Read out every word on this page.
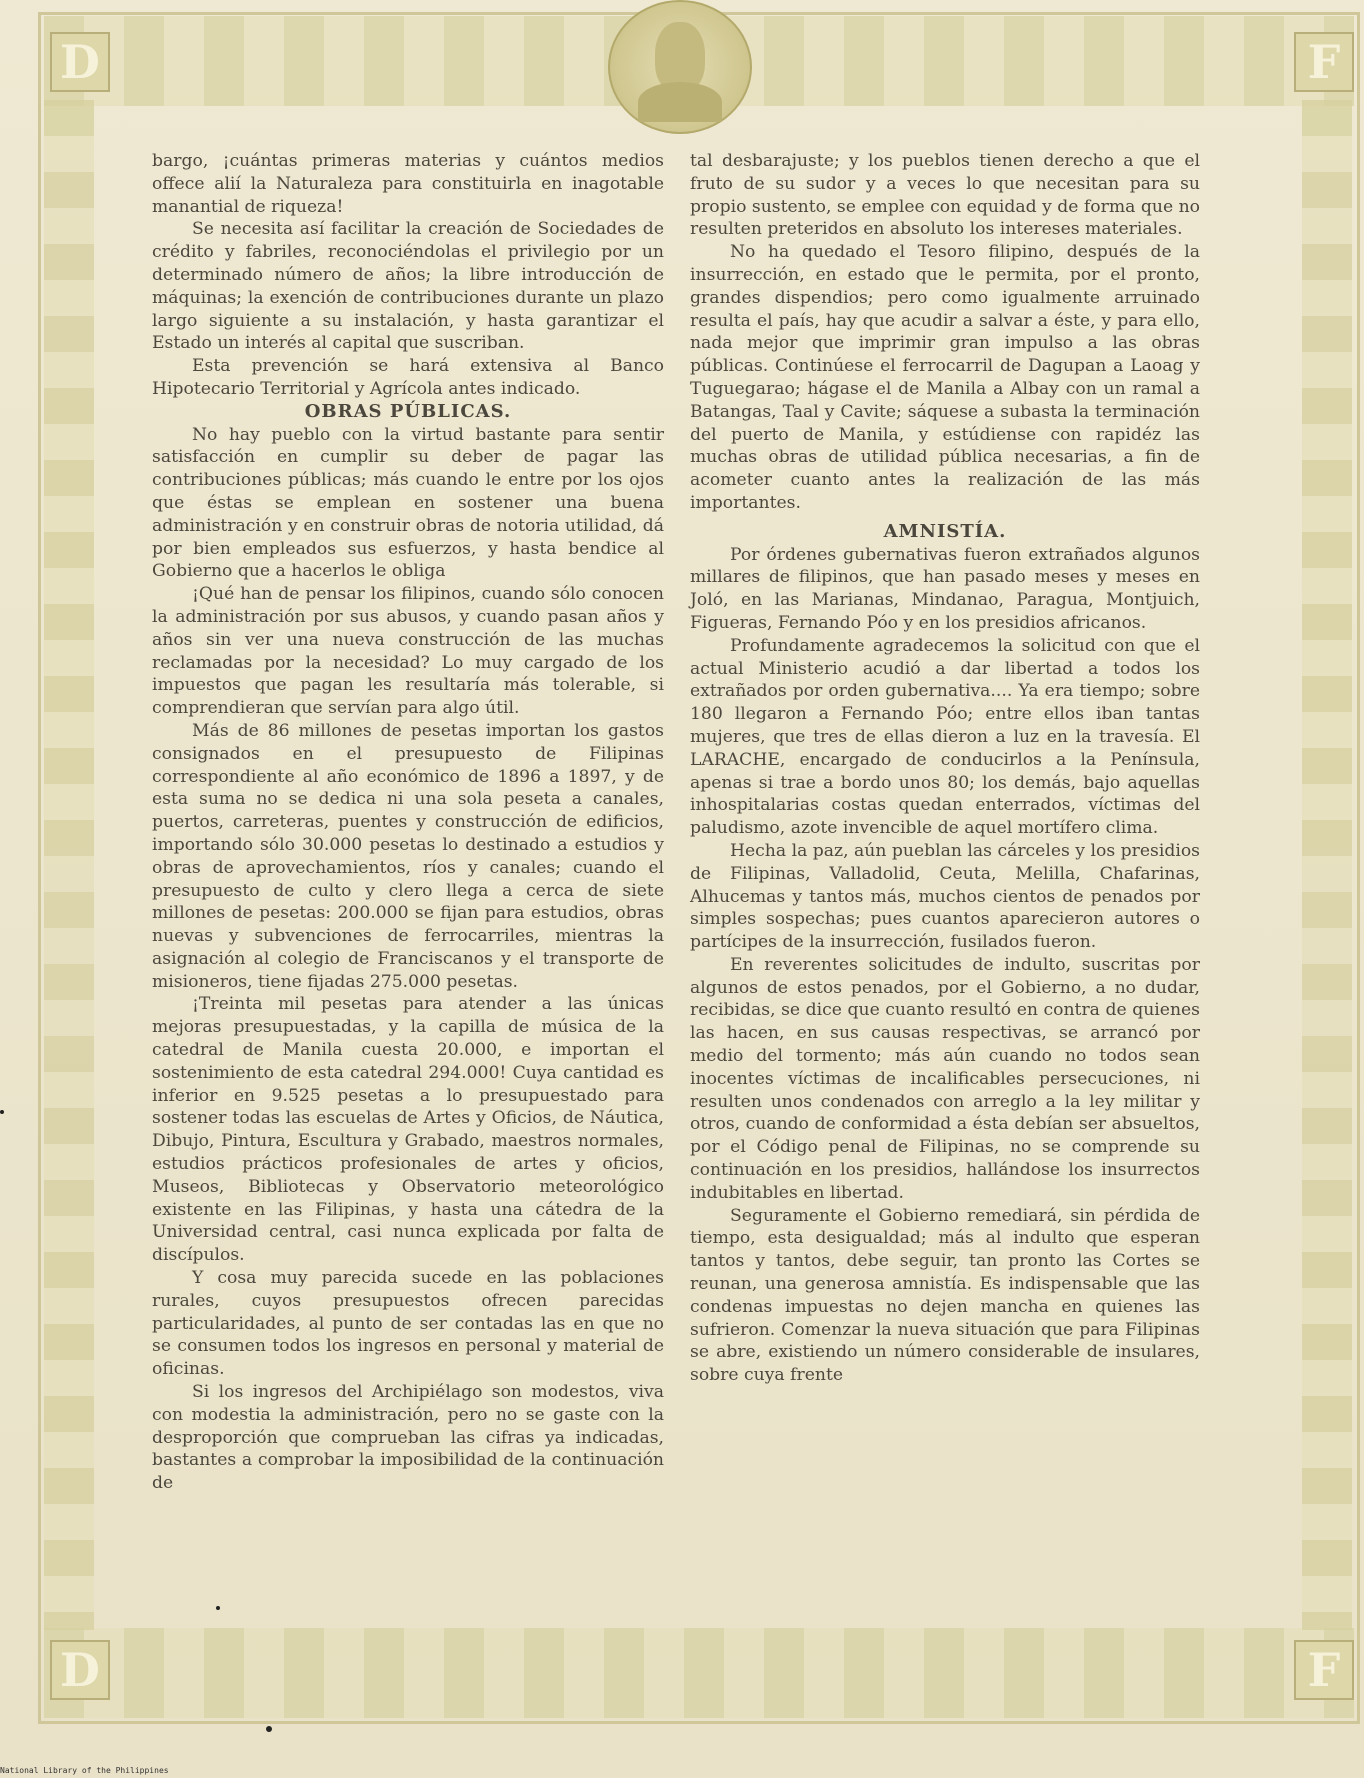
D	F
D	F

bargo, ¡cuántas primeras materias y cuántos medios offece alií la Naturaleza para constituirla en inagotable manantial de riqueza!

Se necesita así facilitar la creación de Sociedades de crédito y fabriles, reconociéndolas el privilegio por un determinado número de años; la libre introducción de máquinas; la exención de contribuciones durante un plazo largo siguiente a su instalación, y hasta garantizar el Estado un interés al capital que suscriban.

Esta prevención se hará extensiva al Banco Hipotecario Territorial y Agrícola antes indicado.

OBRAS PÚBLICAS.

No hay pueblo con la virtud bastante para sentir satisfacción en cumplir su deber de pagar las contribuciones públicas; más cuando le entre por los ojos que éstas se emplean en sostener una buena administración y en construir obras de notoria utilidad, dá por bien empleados sus esfuerzos, y hasta bendice al Gobierno que a hacerlos le obliga

¡Qué han de pensar los filipinos, cuando sólo conocen la administración por sus abusos, y cuando pasan años y años sin ver una nueva construcción de las muchas reclamadas por la necesidad? Lo muy cargado de los impuestos que pagan les resultaría más tolerable, si comprendieran que servían para algo útil.

Más de 86 millones de pesetas importan los gastos consignados en el presupuesto de Filipinas correspondiente al año económico de 1896 a 1897, y de esta suma no se dedica ni una sola peseta a canales, puertos, carreteras, puentes y construcción de edificios, importando sólo 30.000 pesetas lo destinado a estudios y obras de aprovechamientos, ríos y canales; cuando el presupuesto de culto y clero llega a cerca de siete millones de pesetas: 200.000 se fijan para estudios, obras nuevas y subvenciones de ferrocarriles, mientras la asignación al colegio de Franciscanos y el transporte de misioneros, tiene fijadas 275.000 pesetas.

¡Treinta mil pesetas para atender a las únicas mejoras presupuestadas, y la capilla de música de la catedral de Manila cuesta 20.000, e importan el sostenimiento de esta catedral 294.000! Cuya cantidad es inferior en 9.525 pesetas a lo presupuestado para sostener todas las escuelas de Artes y Oficios, de Náutica, Dibujo, Pintura, Escultura y Grabado, maestros normales, estudios prácticos profesionales de artes y oficios, Museos, Bibliotecas y Observatorio meteorológico existente en las Filipinas, y hasta una cátedra de la Universidad central, casi nunca explicada por falta de discípulos.

Y cosa muy parecida sucede en las poblaciones rurales, cuyos presupuestos ofrecen parecidas particularidades, al punto de ser contadas las en que no se consumen todos los ingresos en personal y material de oficinas.

Si los ingresos del Archipiélago son modestos, viva con modestia la administración, pero no se gaste con la desproporción que comprueban las cifras ya indicadas, bastantes a comprobar la imposibilidad de la continuación de

tal desbarajuste; y los pueblos tienen derecho a que el fruto de su sudor y a veces lo que necesitan para su propio sustento, se emplee con equidad y de forma que no resulten preteridos en absoluto los intereses materiales.

No ha quedado el Tesoro filipino, después de la insurrección, en estado que le permita, por el pronto, grandes dispendios; pero como igualmente arruinado resulta el país, hay que acudir a salvar a éste, y para ello, nada mejor que imprimir gran impulso a las obras públicas. Continúese el ferrocarril de Dagupan a Laoag y Tuguegarao; hágase el de Manila a Albay con un ramal a Batangas, Taal y Cavite; sáquese a subasta la terminación del puerto de Manila, y estúdiense con rapidéz las muchas obras de utilidad pública necesarias, a fin de acometer cuanto antes la realización de las más importantes.

AMNISTÍA.

Por órdenes gubernativas fueron extrañados algunos millares de filipinos, que han pasado meses y meses en Joló, en las Marianas, Mindanao, Paragua, Montjuich, Figueras, Fernando Póo y en los presidios africanos.

Profundamente agradecemos la solicitud con que el actual Ministerio acudió a dar libertad a todos los extrañados por orden gubernativa.... Ya era tiempo; sobre 180 llegaron a Fernando Póo; entre ellos iban tantas mujeres, que tres de ellas dieron a luz en la travesía. El LARACHE, encargado de conducirlos a la Península, apenas si trae a bordo unos 80; los demás, bajo aquellas inhospitalarias costas quedan enterrados, víctimas del paludismo, azote invencible de aquel mortífero clima.

Hecha la paz, aún pueblan las cárceles y los presidios de Filipinas, Valladolid, Ceuta, Melilla, Chafarinas, Alhucemas y tantos más, muchos cientos de penados por simples sospechas; pues cuantos aparecieron autores o partícipes de la insurrección, fusilados fueron.

En reverentes solicitudes de indulto, suscritas por algunos de estos penados, por el Gobierno, a no dudar, recibidas, se dice que cuanto resultó en contra de quienes las hacen, en sus causas respectivas, se arrancó por medio del tormento; más aún cuando no todos sean inocentes víctimas de incalificables persecuciones, ni resulten unos condenados con arreglo a la ley militar y otros, cuando de conformidad a ésta debían ser absueltos, por el Código penal de Filipinas, no se comprende su continuación en los presidios, hallándose los insurrectos indubitables en libertad.

Seguramente el Gobierno remediará, sin pérdida de tiempo, esta desigualdad; más al indulto que esperan tantos y tantos, debe seguir, tan pronto las Cortes se reunan, una generosa amnistía. Es indispensable que las condenas impuestas no dejen mancha en quienes las sufrieron. Comenzar la nueva situación que para Filipinas se abre, existiendo un número considerable de insulares, sobre cuya frente

National Library of the Philippines
